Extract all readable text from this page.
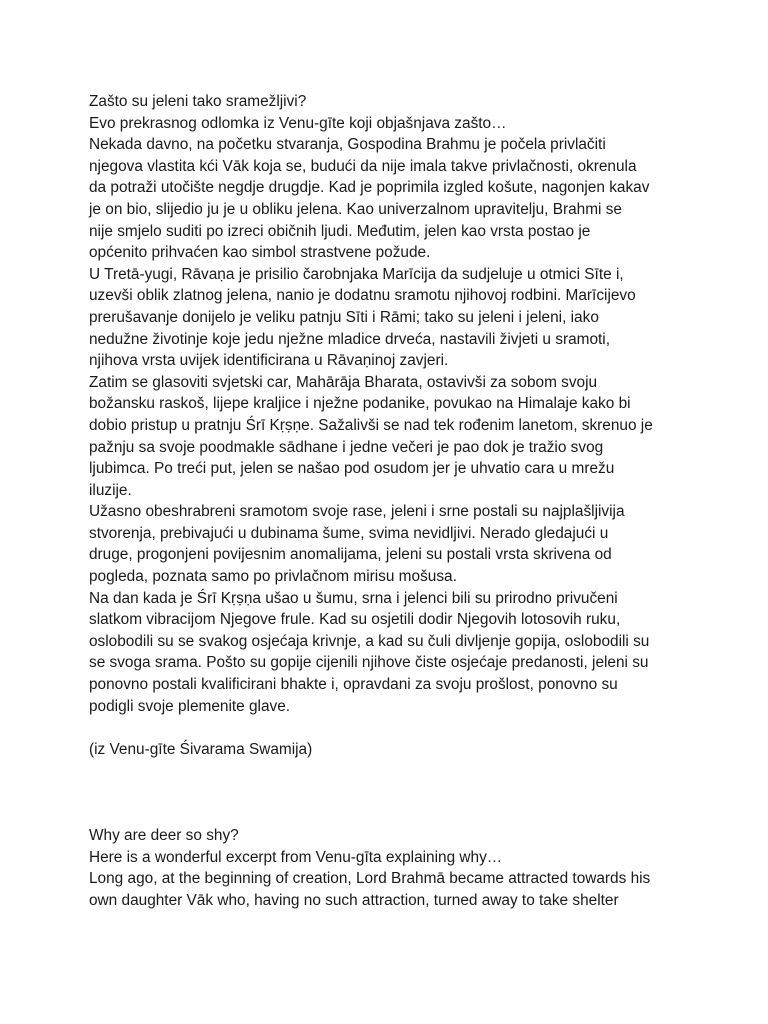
Zašto su jeleni tako sramežljivi?
Evo prekrasnog odlomka iz Venu-gīte koji objašnjava zašto…
Nekada davno, na početku stvaranja, Gospodina Brahmu je počela privlačiti
njegova vlastita kći Vāk koja se, budući da nije imala takve privlačnosti, okrenula
da potraži utočište negdje drugdje. Kad je poprimila izgled košute, nagonjen kakav
je on bio, slijedio ju je u obliku jelena. Kao univerzalnom upravitelju, Brahmi se
nije smjelo suditi po izreci običnih ljudi. Međutim, jelen kao vrsta postao je
općenito prihvaćen kao simbol strastvene požude.
U Tretā-yugi, Rāvaṇa je prisilio čarobnjaka Marīcija da sudjeluje u otmici Sīte i,
uzevši oblik zlatnog jelena, nanio je dodatnu sramotu njihovoj rodbini. Marīcijevo
prerušavanje donijelo je veliku patnju Sīti i Rāmi; tako su jeleni i jeleni, iako
nedužne životinje koje jedu nježne mladice drveća, nastavili živjeti u sramoti,
njihova vrsta uvijek identificirana u Rāvaṇinoj zavjeri.
Zatim se glasoviti svjetski car, Mahārāja Bharata, ostavivši za sobom svoju
božansku raskoš, lijepe kraljice i nježne podanike, povukao na Himalaje kako bi
dobio pristup u pratnju Śrī Kṛṣṇe. Sažalivši se nad tek rođenim lanetom, skrenuo je
pažnju sa svoje poodmakle sādhane i jedne večeri je pao dok je tražio svog
ljubimca. Po treći put, jelen se našao pod osudom jer je uhvatio cara u mrežu
iluzije.
Užasno obeshrabreni sramotom svoje rase, jeleni i srne postali su najplašljivija
stvorenja, prebivajući u dubinama šume, svima nevidljivi. Nerado gledajući u
druge, progonjeni povijesnim anomalijama, jeleni su postali vrsta skrivena od
pogleda, poznata samo po privlačnom mirisu mošusa.
Na dan kada je Śrī Kṛṣṇa ušao u šumu, srna i jelenci bili su prirodno privučeni
slatkom vibracijom Njegove frule. Kad su osjetili dodir Njegovih lotosovih ruku,
oslobodili su se svakog osjećaja krivnje, a kad su čuli divljenje gopija, oslobodili su
se svoga srama. Pošto su gopije cijenili njihove čiste osjećaje predanosti, jeleni su
ponovno postali kvalificirani bhakte i, opravdani za svoju prošlost, ponovno su
podigli svoje plemenite glave.
(iz Venu-gīte Śivarama Swamija)
Why are deer so shy?
Here is a wonderful excerpt from Venu-gīta explaining why…
Long ago, at the beginning of creation, Lord Brahmā became attracted towards his
own daughter Vāk who, having no such attraction, turned away to take shelter
